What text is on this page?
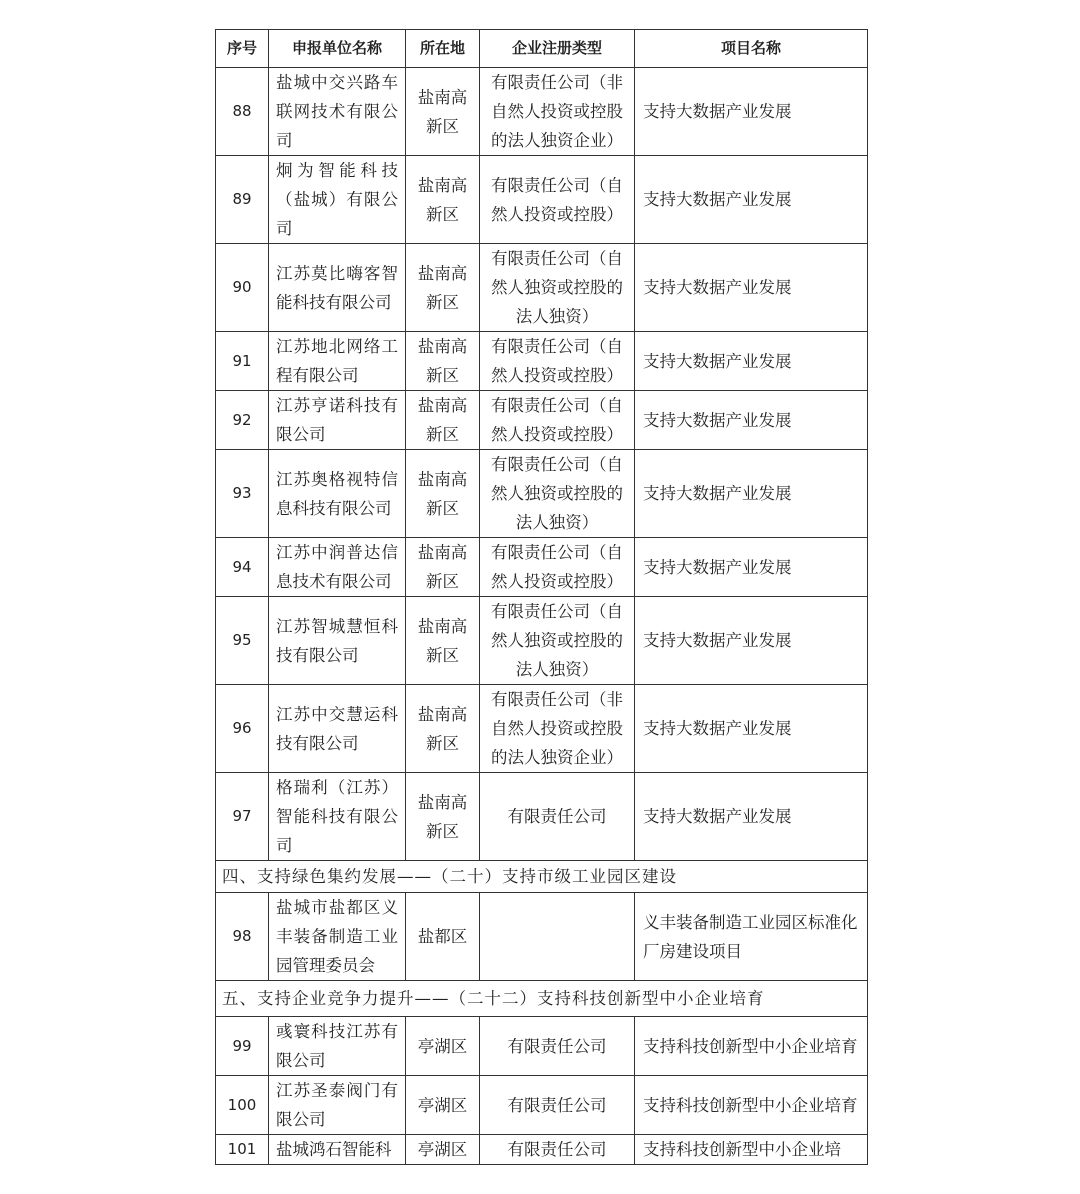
序号	申报单位名称	所在地	企业注册类型	项目名称
88	盐城中交兴路车联网技术有限公司	盐南高新区	有限责任公司（非自然人投资或控股的法人独资企业）	支持大数据产业发展
89	炯为智能科技（盐城）有限公司	盐南高新区	有限责任公司（自然人投资或控股）	支持大数据产业发展
90	江苏莫比嗨客智能科技有限公司	盐南高新区	有限责任公司（自然人独资或控股的法人独资）	支持大数据产业发展
91	江苏地北网络工程有限公司	盐南高新区	有限责任公司（自然人投资或控股）	支持大数据产业发展
92	江苏亨诺科技有限公司	盐南高新区	有限责任公司（自然人投资或控股）	支持大数据产业发展
93	江苏奥格视特信息科技有限公司	盐南高新区	有限责任公司（自然人独资或控股的法人独资）	支持大数据产业发展
94	江苏中润普达信息技术有限公司	盐南高新区	有限责任公司（自然人投资或控股）	支持大数据产业发展
95	江苏智城慧恒科技有限公司	盐南高新区	有限责任公司（自然人独资或控股的法人独资）	支持大数据产业发展
96	江苏中交慧运科技有限公司	盐南高新区	有限责任公司（非自然人投资或控股的法人独资企业）	支持大数据产业发展
97	格瑞利（江苏）智能科技有限公司	盐南高新区	有限责任公司	支持大数据产业发展
四、支持绿色集约发展——（二十）支持市级工业园区建设				
98	盐城市盐都区义丰装备制造工业园管理委员会	盐都区		义丰装备制造工业园区标准化厂房建设项目
五、支持企业竞争力提升——（二十二）支持科技创新型中小企业培育				
99	彧寰科技江苏有限公司	亭湖区	有限责任公司	支持科技创新型中小企业培育
100	江苏圣泰阀门有限公司	亭湖区	有限责任公司	支持科技创新型中小企业培育
101	盐城鸿石智能科	亭湖区	有限责任公司	支持科技创新型中小企业培
